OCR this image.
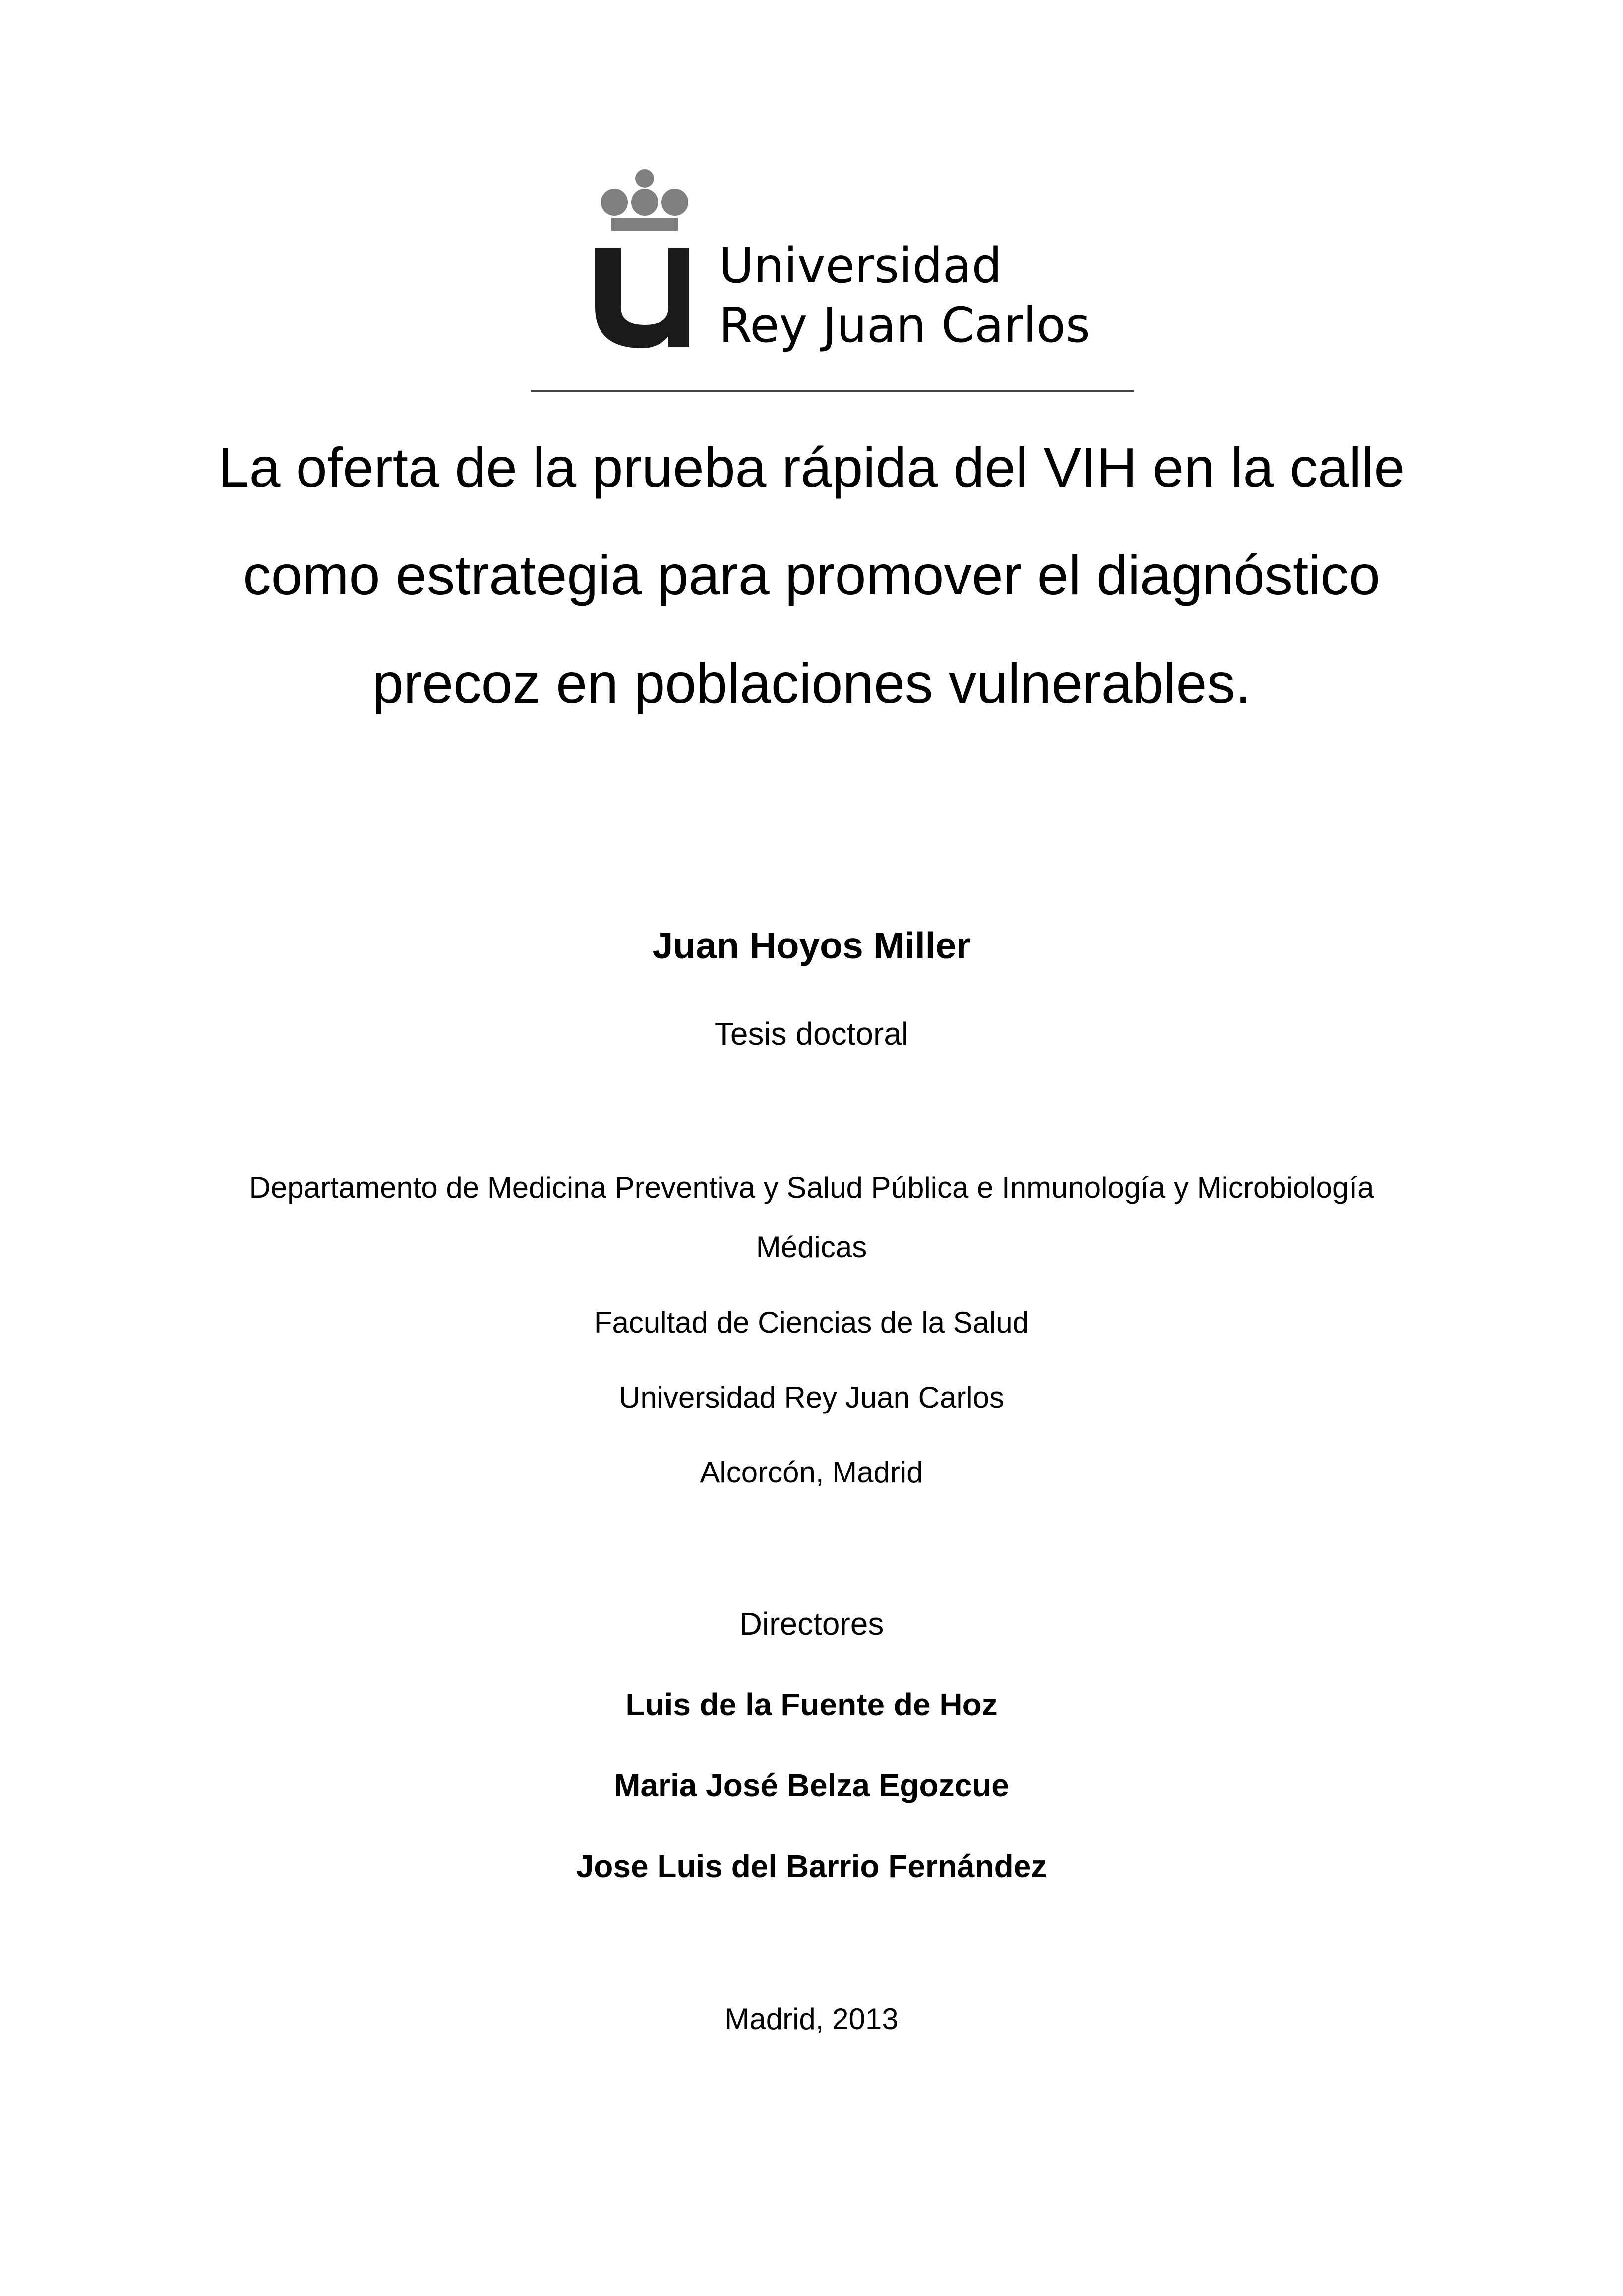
Universidad
Rey Juan Carlos
La oferta de la prueba rápida del VIH en la calle
como estrategia para promover el diagnóstico
precoz en poblaciones vulnerables.
Juan Hoyos Miller
Tesis doctoral
Departamento de Medicina Preventiva y Salud Pública e Inmunología y Microbiología
Médicas
Facultad de Ciencias de la Salud
Universidad Rey Juan Carlos
Alcorcón, Madrid
Directores
Luis de la Fuente de Hoz
Maria José Belza Egozcue
Jose Luis del Barrio Fernández
Madrid, 2013
